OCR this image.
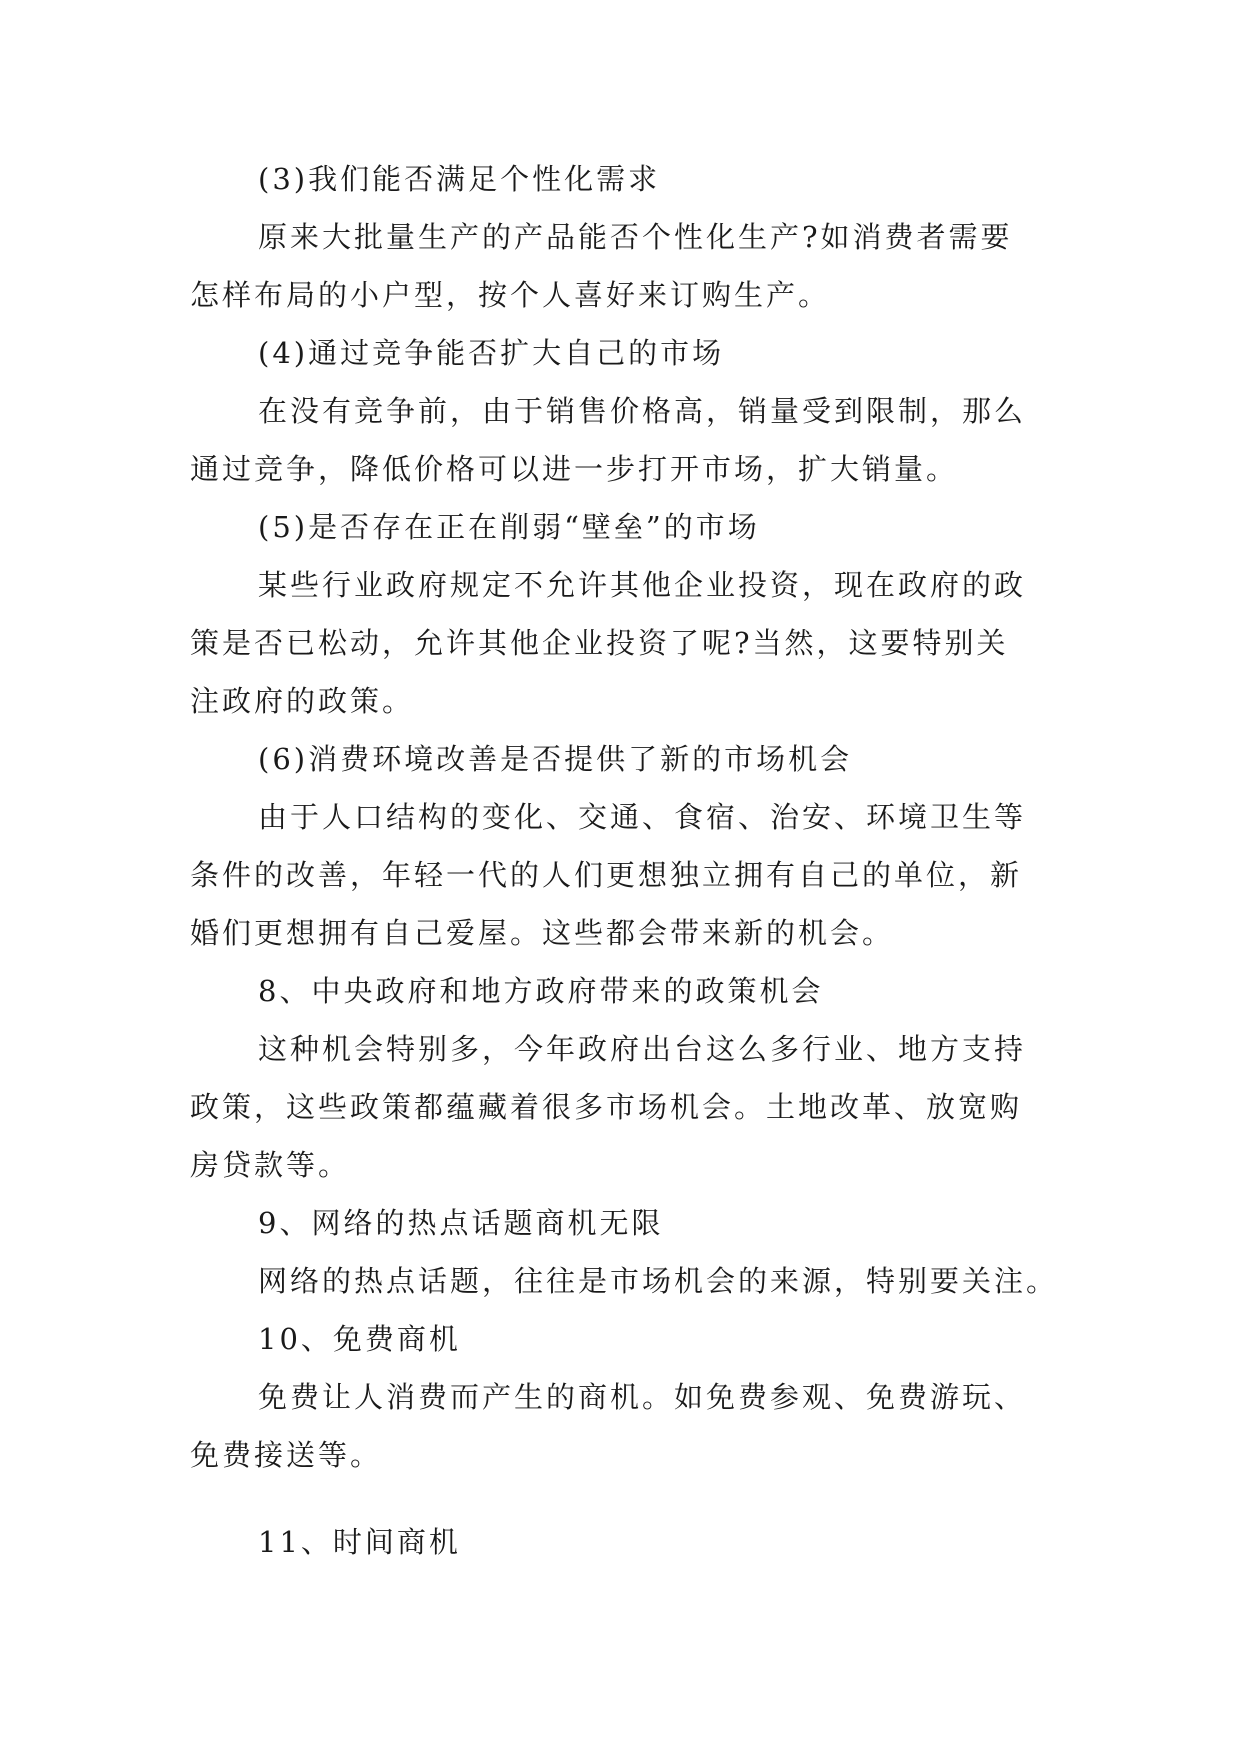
(3)我们能否满足个性化需求
原来大批量生产的产品能否个性化生产?如消费者需要
怎样布局的小户型，按个人喜好来订购生产。
(4)通过竞争能否扩大自己的市场
在没有竞争前，由于销售价格高，销量受到限制，那么
通过竞争，降低价格可以进一步打开市场，扩大销量。
(5)是否存在正在削弱“壁垒”的市场
某些行业政府规定不允许其他企业投资，现在政府的政
策是否已松动，允许其他企业投资了呢?当然，这要特别关
注政府的政策。
(6)消费环境改善是否提供了新的市场机会
由于人口结构的变化、交通、食宿、治安、环境卫生等
条件的改善，年轻一代的人们更想独立拥有自己的单位，新
婚们更想拥有自己爱屋。这些都会带来新的机会。
8、中央政府和地方政府带来的政策机会
这种机会特别多，今年政府出台这么多行业、地方支持
政策，这些政策都蕴藏着很多市场机会。土地改革、放宽购
房贷款等。
9、网络的热点话题商机无限
网络的热点话题，往往是市场机会的来源，特别要关注。
10、免费商机
免费让人消费而产生的商机。如免费参观、免费游玩、
免费接送等。
11、时间商机
